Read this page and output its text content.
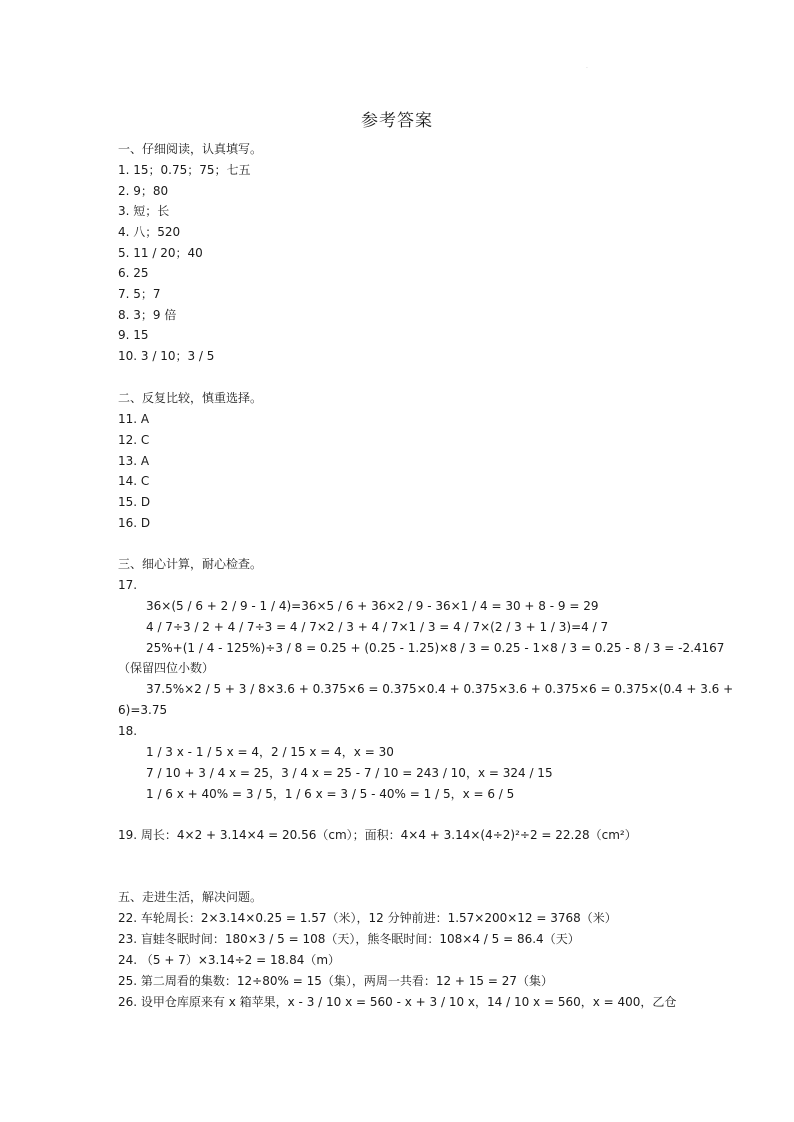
·
参考答案
一、仔细阅读，认真填写。
1. 15；0.75；75；七五
2. 9；80
3. 短；长
4. 八；520
5. 11 / 20；40
6. 25
7. 5；7
8. 3；9 倍
9. 15
10. 3 / 10；3 / 5
二、反复比较，慎重选择。
11. A
12. C
13. A
14. C
15. D
16. D
三、细心计算，耐心检查。
17.
36×(5 / 6 + 2 / 9 - 1 / 4)=36×5 / 6 + 36×2 / 9 - 36×1 / 4 = 30 + 8 - 9 = 29
4 / 7÷3 / 2 + 4 / 7÷3 = 4 / 7×2 / 3 + 4 / 7×1 / 3 = 4 / 7×(2 / 3 + 1 / 3)=4 / 7
25%+(1 / 4 - 125%)÷3 / 8 = 0.25 + (0.25 - 1.25)×8 / 3 = 0.25 - 1×8 / 3 = 0.25 - 8 / 3 = -2.4167
（保留四位小数）
37.5%×2 / 5 + 3 / 8×3.6 + 0.375×6 = 0.375×0.4 + 0.375×3.6 + 0.375×6 = 0.375×(0.4 + 3.6 +
6)=3.75
18.
1 / 3 x - 1 / 5 x = 4，2 / 15 x = 4，x = 30
7 / 10 + 3 / 4 x = 25，3 / 4 x = 25 - 7 / 10 = 243 / 10，x = 324 / 15
1 / 6 x + 40% = 3 / 5，1 / 6 x = 3 / 5 - 40% = 1 / 5，x = 6 / 5
19. 周长：4×2 + 3.14×4 = 20.56（cm）；面积：4×4 + 3.14×(4÷2)²÷2 = 22.28（cm²）
五、走进生活，解决问题。
22. 车轮周长：2×3.14×0.25 = 1.57（米），12 分钟前进：1.57×200×12 = 3768（米）
23. 盲蛙冬眠时间：180×3 / 5 = 108（天），熊冬眠时间：108×4 / 5 = 86.4（天）
24. （5 + 7）×3.14÷2 = 18.84（m）
25. 第二周看的集数：12÷80% = 15（集），两周一共看：12 + 15 = 27（集）
26. 设甲仓库原来有 x 箱苹果，x - 3 / 10 x = 560 - x + 3 / 10 x，14 / 10 x = 560，x = 400，乙仓
